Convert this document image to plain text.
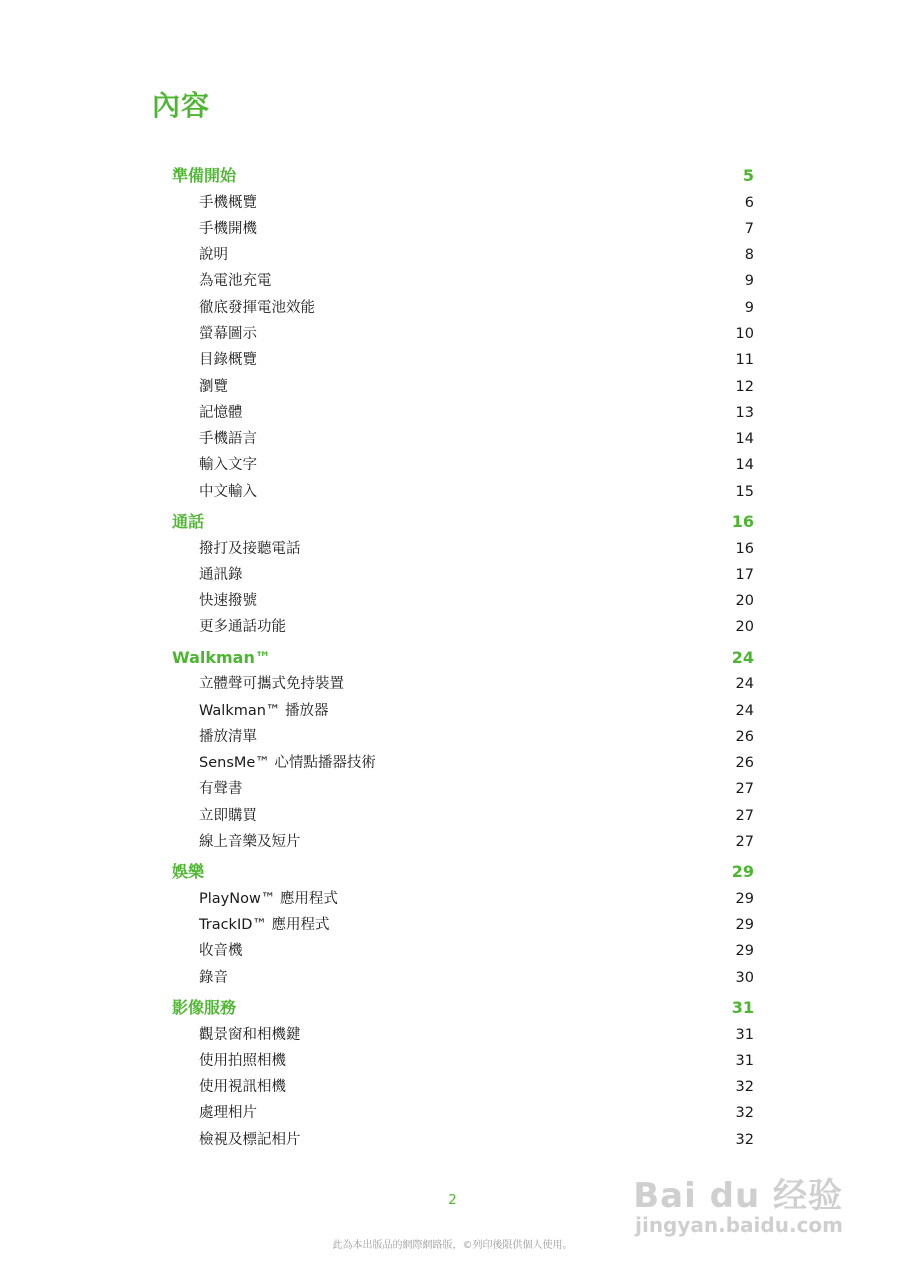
內容
準備開始	5
手機概覽	6
手機開機	7
說明	8
為電池充電	9
徹底發揮電池效能	9
螢幕圖示	10
目錄概覽	11
瀏覽	12
記憶體	13
手機語言	14
輸入文字	14
中文輸入	15
通話	16
撥打及接聽電話	16
通訊錄	17
快速撥號	20
更多通話功能	20
Walkman™	24
立體聲可攜式免持裝置	24
Walkman™ 播放器	24
播放清單	26
SensMe™ 心情點播器技術	26
有聲書	27
立即購買	27
線上音樂及短片	27
娛樂	29
PlayNow™ 應用程式	29
TrackID™ 應用程式	29
收音機	29
錄音	30
影像服務	31
觀景窗和相機鍵	31
使用拍照相機	31
使用視訊相機	32
處理相片	32
檢視及標記相片	32
2	Bai du 经验
jingyan.baidu.com
此為本出版品的網際網路版，©列印後限供個人使用。
